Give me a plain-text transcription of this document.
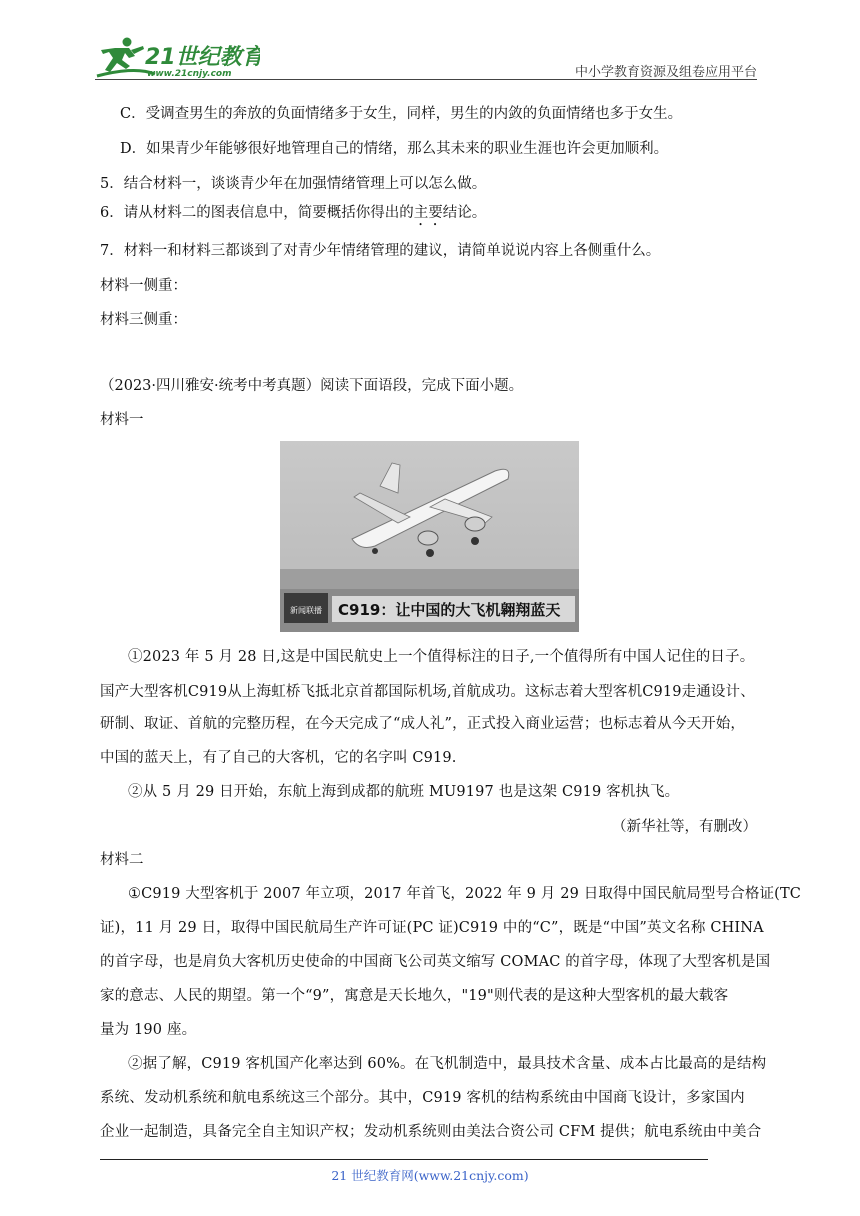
21世纪教育
www.21cnjy.com	中小学教育资源及组卷应用平台
C．受调查男生的奔放的负面情绪多于女生，同样，男生的内敛的负面情绪也多于女生。
D．如果青少年能够很好地管理自己的情绪，那么其未来的职业生涯也许会更加顺利。
5．结合材料一，谈谈青少年在加强情绪管理上可以怎么做。
6．请从材料二的图表信息中，简要概括你得出的主要结论。
7．材料一和材料三都谈到了对青少年情绪管理的建议，请简单说说内容上各侧重什么。
材料一侧重：
材料三侧重：
（2023·四川雅安·统考中考真题）阅读下面语段，完成下面小题。
材料一
新闻联播 C919：让中国的大飞机翱翔蓝天
①2023 年 5 月 28 日,这是中国民航史上一个值得标注的日子,一个值得所有中国人记住的日子。
国产大型客机C919从上海虹桥飞抵北京首都国际机场,首航成功。这标志着大型客机C919走通设计、
研制、取证、首航的完整历程，在今天完成了“成人礼”，正式投入商业运营；也标志着从今天开始，
中国的蓝天上，有了自己的大客机，它的名字叫 C919.
②从 5 月 29 日开始，东航上海到成都的航班 MU9197 也是这架 C919 客机执飞。
（新华社等，有删改）
材料二
①C919 大型客机于 2007 年立项，2017 年首飞，2022 年 9 月 29 日取得中国民航局型号合格证(TC
证)，11 月 29 日，取得中国民航局生产许可证(PC 证)C919 中的“C”，既是“中国”英文名称 CHINA
的首字母，也是肩负大客机历史使命的中国商飞公司英文缩写 COMAC 的首字母，体现了大型客机是国
家的意志、人民的期望。第一个“9”，寓意是天长地久，"19"则代表的是这种大型客机的最大载客
量为 190 座。
②据了解，C919 客机国产化率达到 60%。在飞机制造中，最具技术含量、成本占比最高的是结构
系统、发动机系统和航电系统这三个部分。其中，C919 客机的结构系统由中国商飞设计，多家国内
企业一起制造，具备完全自主知识产权；发动机系统则由美法合资公司 CFM 提供；航电系统由中美合
21 世纪教育网(www.21cnjy.com)
